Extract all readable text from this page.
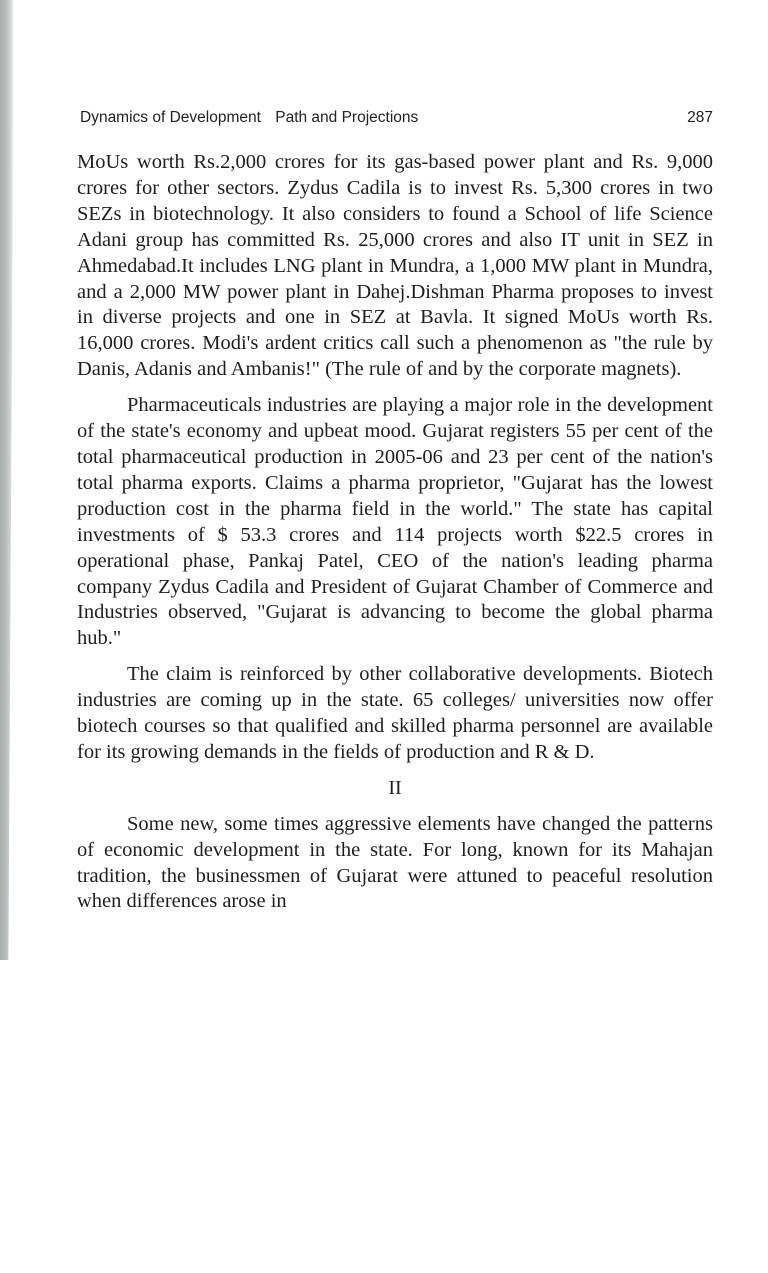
Dynamics of Development Path and Projections	287

MoUs worth Rs.2,000 crores for its gas-based power plant and Rs. 9,000 crores for other sectors. Zydus Cadila is to invest Rs. 5,300 crores in two SEZs in biotechnology. It also considers to found a School of life Science Adani group has committed Rs. 25,000 crores and also IT unit in SEZ in Ahmedabad.It includes LNG plant in Mundra, a 1,000 MW plant in Mundra, and a 2,000 MW power plant in Dahej.Dishman Pharma proposes to invest in diverse projects and one in SEZ at Bavla. It signed MoUs worth Rs. 16,000 crores. Modi's ardent critics call such a phenomenon as "the rule by Danis, Adanis and Ambanis!" (The rule of and by the corporate magnets).

Pharmaceuticals industries are playing a major role in the development of the state's economy and upbeat mood. Gujarat registers 55 per cent of the total pharmaceutical production in 2005-06 and 23 per cent of the nation's total pharma exports. Claims a pharma proprietor, "Gujarat has the lowest production cost in the pharma field in the world." The state has capital investments of $ 53.3 crores and 114 projects worth $22.5 crores in operational phase, Pankaj Patel, CEO of the nation's leading pharma company Zydus Cadila and President of Gujarat Chamber of Commerce and Industries observed, "Gujarat is advancing to become the global pharma hub."

The claim is reinforced by other collaborative developments. Biotech industries are coming up in the state. 65 colleges/ universities now offer biotech courses so that qualified and skilled pharma personnel are available for its growing demands in the fields of production and R & D.

II

Some new, some times aggressive elements have changed the patterns of economic development in the state. For long, known for its Mahajan tradition, the businessmen of Gujarat were attuned to peaceful resolution when differences arose in
